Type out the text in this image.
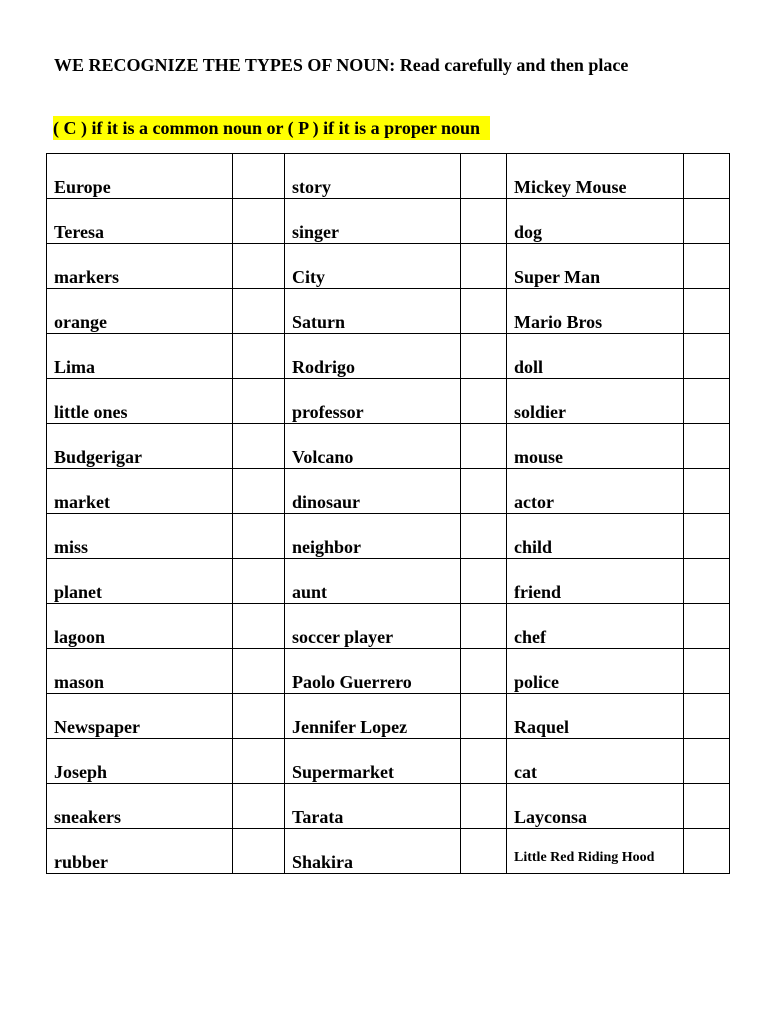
WE RECOGNIZE THE TYPES OF NOUN: Read carefully and then place
( C ) if it is a common noun or ( P ) if it is a proper noun
Europe		story		Mickey Mouse	
Teresa		singer		dog	
markers		City		Super Man	
orange		Saturn		Mario Bros	
Lima		Rodrigo		doll	
little ones		professor		soldier	
Budgerigar		Volcano		mouse	
market		dinosaur		actor	
miss		neighbor		child	
planet		aunt		friend	
lagoon		soccer player		chef	
mason		Paolo Guerrero		police	
Newspaper		Jennifer Lopez		Raquel	
Joseph		Supermarket		cat	
sneakers		Tarata		Layconsa	
rubber		Shakira		Little Red Riding Hood	
